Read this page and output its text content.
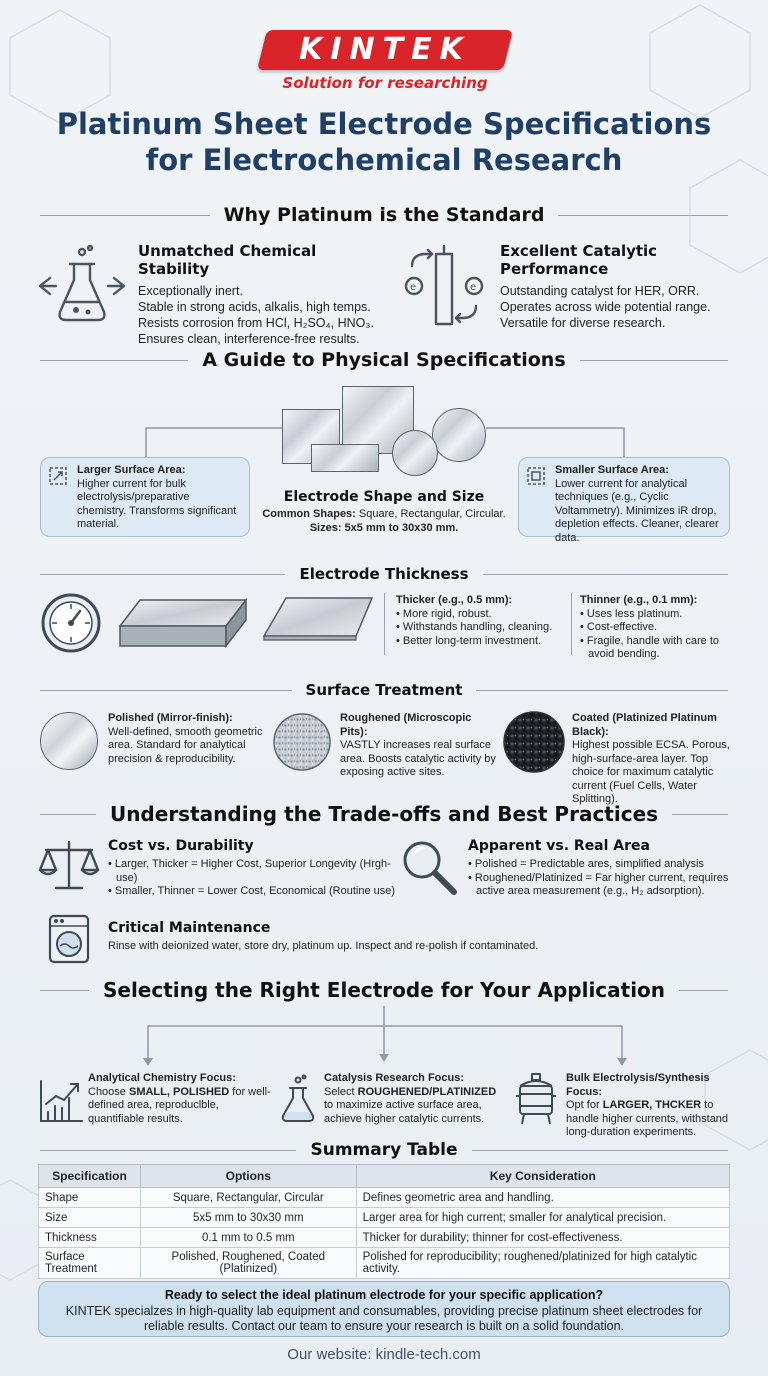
KINTEK
Solution for researching
Platinum Sheet Electrode Specifications
for Electrochemical Research
Why Platinum is the Standard
Unmatched Chemical Stability
Exceptionally inert.
Stable in strong acids, alkalis, high temps.
Resists corrosion from HCl, H₂SO₄, HNO₃.
Ensures clean, interference-free results.
e	e
Excellent Catalytic Performance
Outstanding catalyst for HER, ORR.
Operates across wide potential range.
Versatile for diverse research.
A Guide to Physical Specifications
Larger Surface Area:
Higher current for bulk electrolysis/preparative chemistry. Transforms significant material.
Smaller Surface Area:
Lower current for analytical techniques (e.g., Cyclic Voltammetry). Minimizes iR drop, depletion effects. Cleaner, clearer data.
Electrode Shape and Size
Common Shapes: Square, Rectangular, Circular.
Sizes: 5x5 mm to 30x30 mm.
Electrode Thickness
Thicker (e.g., 0.5 mm):
• More rigid, robust.
• Withstands handling, cleaning.
• Better long-term investment.
Thinner (e.g., 0.1 mm):
• Uses less platinum.
• Cost-effective.
• Fragile, handle with care to avoid bending.
Surface Treatment
Polished (Mirror-finish):
Well-defined, smooth geometric area. Standard for analytical precision & reproducibility.
Roughened (Microscopic Pits):
VASTLY increases real surface area. Boosts catalytic activity by exposing active sites.
Coated (Platinized Platinum Black):
Highest possible ECSA. Porous, high-surface-area layer. Top choice for maximum catalytic current (Fuel Cells, Water Splitting).
Understanding the Trade-offs and Best Practices
Cost vs. Durability
• Larger, Thicker = Higher Cost, Superior Longevity (Hrgh-use)
• Smaller, Thinner = Lower Cost, Economical (Routine use)
Apparent vs. Real Area
• Polished = Predictable ares, simplified analysis
• Roughened/Platinized = Far higher current, requires active area measurement (e.g., H₂ adsorption).
Critical Maintenance
Rinse with deionized water, store dry, platinum up. Inspect and re-polish if contaminated.
Selecting the Right Electrode for Your Application
Analytical Chemistry Focus:
Choose SMALL, POLISHED for well-defined area, reproduclble, quantifiable results.
Catalysis Research Focus:
Select ROUGHENED/PLATINIZED to maximize active surface area, achieve higher catalytic currents.
Bulk Electrolysis/Synthesis Focus:
Opt for LARGER, THCKER to handle higher currents, withstand long-duration experiments.
Summary Table
Specification	Options	Key Consideration
Shape	Square, Rectangular, Circular	Defines geometric area and handling.
Size	5x5 mm to 30x30 mm	Larger area for high current; smaller for analytical precision.
Thickness	0.1 mm to 0.5 mm	Thicker for durability; thinner for cost-effectiveness.
Surface Treatment	Polished, Roughened, Coated (Platinized)	Polished for reproducibility; roughened/platinized for high catalytic activity.
Ready to select the ideal platinum electrode for your specific application?
KINTEK specialzes in high-quality lab equipment and consumables, providing precise platinum sheet electrodes for reliable results. Contact our team to ensure your research is built on a solid foundation.
Our website: kindle-tech.com
